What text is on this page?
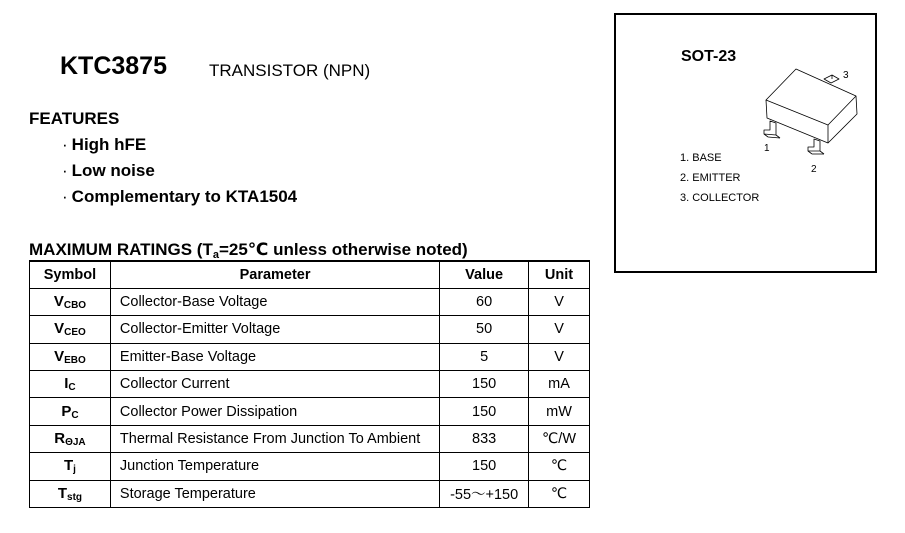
KTC3875 TRANSISTOR (NPN)
FEATURES
· High hFE
· Low noise
· Complementary to KTA1504
MAXIMUM RATINGS ($T_a=25℃$ unless otherwise noted)
Symbol	Parameter	Value	Unit
$V_{CBO}$	Collector-Base Voltage	60	V
$V_{CEO}$	Collector-Emitter Voltage	50	V
$V_{EBO}$	Emitter-Base Voltage	5	V
$I_C$	Collector Current	150	mA
$P_C$	Collector Power Dissipation	150	mW
$R_{\Theta JA}$	Thermal Resistance From Junction To Ambient	833	℃/W
$T_j$	Junction Temperature	150	℃
$T_{stg}$	Storage Temperature	-55～+150	℃
SOT-23
1. BASE
2. EMITTER
3. COLLECTOR
1
2
3
